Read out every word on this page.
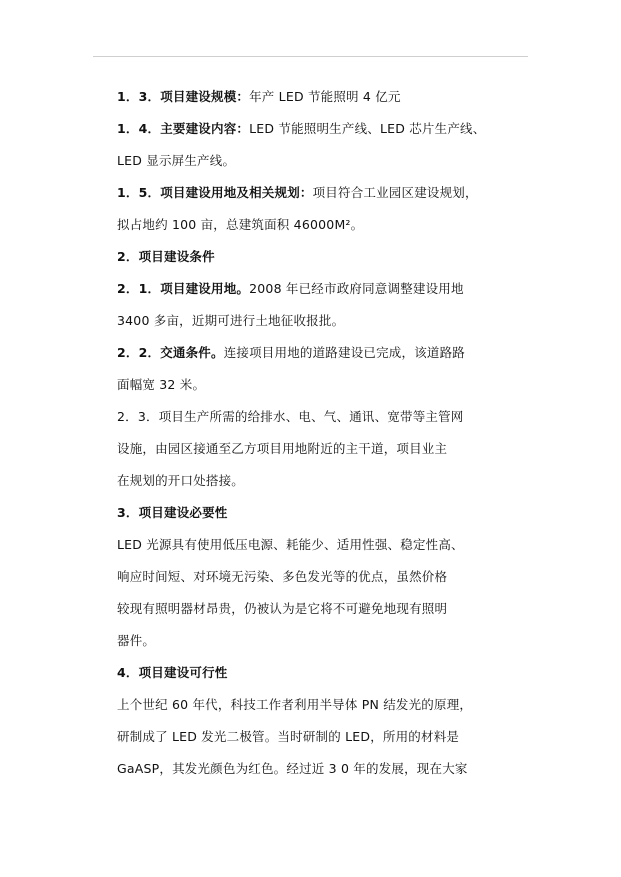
1．3．项目建设规模：年产 LED 节能照明 4 亿元
1．4．主要建设内容：LED 节能照明生产线、LED 芯片生产线、
LED 显示屏生产线。
1．5．项目建设用地及相关规划：项目符合工业园区建设规划，
拟占地约 100 亩，总建筑面积 46000M²。
2．项目建设条件
2．1．项目建设用地。2008 年已经市政府同意调整建设用地
3400 多亩，近期可进行土地征收报批。
2．2．交通条件。连接项目用地的道路建设已完成，该道路路
面幅宽 32 米。
2．3．项目生产所需的给排水、电、气、通讯、宽带等主管网
设施，由园区接通至乙方项目用地附近的主干道，项目业主
在规划的开口处搭接。
3．项目建设必要性
LED 光源具有使用低压电源、耗能少、适用性强、稳定性高、
响应时间短、对环境无污染、多色发光等的优点，虽然价格
较现有照明器材昂贵，仍被认为是它将不可避免地现有照明
器件。
4．项目建设可行性
上个世纪 60 年代，科技工作者利用半导体 PN 结发光的原理，
研制成了 LED 发光二极管。当时研制的 LED，所用的材料是
GaASP，其发光颜色为红色。经过近 3 0 年的发展，现在大家
